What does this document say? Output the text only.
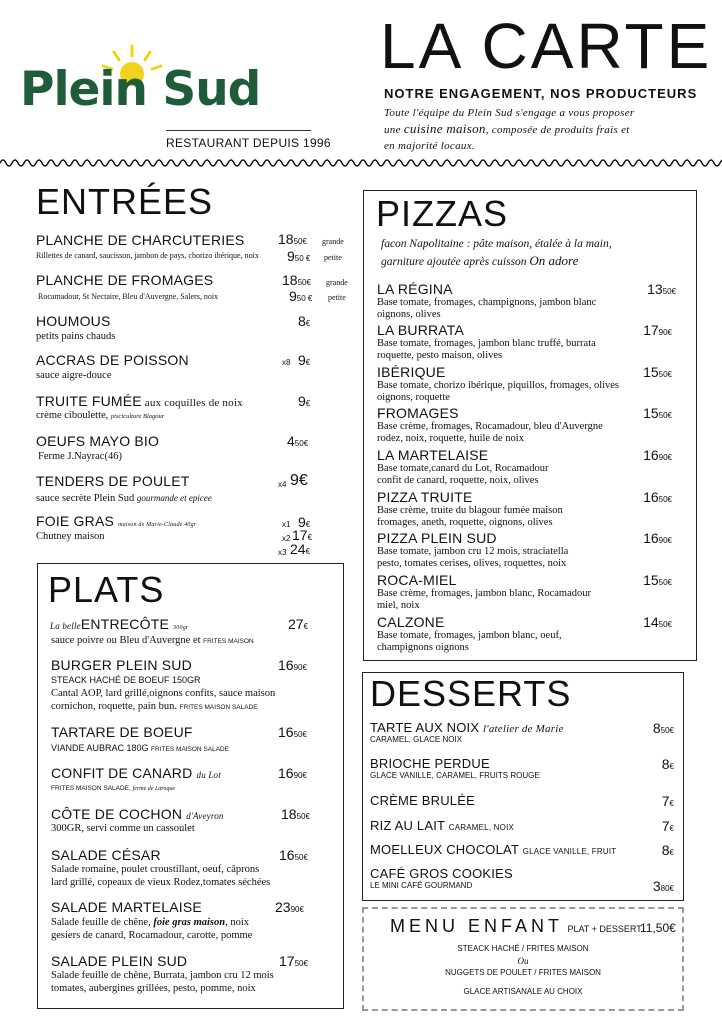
Plein Sud
RESTAURANT DEPUIS 1996
LA CARTE
NOTRE ENGAGEMENT, NOS PRODUCTEURS
Toute l'équipe du Plein Sud s'engage a vous proposer
une cuisine maison, composée de produits frais et
en majorité locaux.
ENTRÉES
PLANCHE DE CHARCUTERIES
Rillettes de canard, saucisson, jambon de pays, chorizo ibérique, noix
1850€ grande
950 € petite
PLANCHE DE FROMAGES
Rocamadour, St Nectaire, Bleu d'Auvergne, Salers, noix
1850€ grande
950 € petite
HOUMOUS
petits pains chauds
8€
ACCRAS DE POISSON
sauce aigre-douce
x8 9€
TRUITE FUMÉE aux coquilles de noix
crème ciboulette, pisciculture Blagour
9€
OEUFS MAYO BIO
Ferme J.Nayrac(46)
450€
TENDERS DE POULET
sauce secrète Plein Sud gourmande et epicee
x4 9€
FOIE GRAS maison de Marie-Claude 40gr
Chutney maison
x1 9€
x2 17€
x3 24€
PLATS
La belleENTRECÔTE 300gr
sauce poivre ou Bleu d'Auvergne et FRITES MAISON
27€
BURGER PLEIN SUD
STEACK HACHÉ DE BOEUF 150GR
Cantal AOP, lard grillé,oignons confits, sauce maison
cornichon, roquette, pain bun. FRITES MAISON SALADE
1690€
TARTARE DE BOEUF
VIANDE AUBRAC 180G FRITES MAISON SALADE
1650€
CONFIT DE CANARD du Lot
FRITES MAISON SALADE, ferme de Laroque
1690€
CÔTE DE COCHON d'Aveyron
300GR, servi comme un cassoulet
1850€
SALADE CÉSAR
Salade romaine, poulet croustillant, oeuf, câprons
lard grillé, copeaux de vieux Rodez,tomates séchées
1650€
SALADE MARTELAISE
Salade feuille de chêne, foie gras maison, noix
gesiers de canard, Rocamadour, carotte, pomme
2390€
SALADE PLEIN SUD
Salade feuille de chêne, Burrata, jambon cru 12 mois
tomates, aubergines grillées, pesto, pomme, noix
1750€
PIZZAS
facon Napolitaine : pâte maison, étalée à la main,
garniture ajoutée après cuisson On adore
LA RÉGINA
Base tomate, fromages, champignons, jambon blanc
oignons, olives
1350€
LA BURRATA
Base tomate, fromages, jambon blanc truffé, burrata
roquette, pesto maison, olives
1790€
IBÉRIQUE
Base tomate, chorizo ibérique, piquillos, fromages, olives
oignons, roquette
1550€
FROMAGES
Base crème, fromages, Rocamadour, bleu d'Auvergne
rodez, noix, roquette, huile de noix
1550€
LA MARTELAISE
Base tomate,canard du Lot, Rocamadour
confit de canard, roquette, noix, olives
1690€
PIZZA TRUITE
Base crème, truite du blagour fumée maison
fromages, aneth, roquette, oignons, olives
1650€
PIZZA PLEIN SUD
Base tomate, jambon cru 12 mois, straciatella
pesto, tomates cerises, olives, roquettes, noix
1690€
ROCA-MIEL
Base crème, fromages, jambon blanc, Rocamadour
miel, noix
1550€
CALZONE
Base tomate, fromages, jambon blanc, oeuf,
champignons oignons
1450€
DESSERTS
TARTE AUX NOIX l'atelier de Marie
CARAMEL, GLACE NOIX
850€
BRIOCHE PERDUE
GLACE VANILLE, CARAMEL, FRUITS ROUGE
8€
CRÈME BRULÉE	7€
RIZ AU LAIT CARAMEL, NOIX	7€
MOELLEUX CHOCOLAT GLACE VANILLE, FRUIT	8€
CAFÉ GROS COOKIES
LE MINI CAFÉ GOURMAND	380€
MENU ENFANT PLAT + DESSERT
11,50€
STEACK HACHÉ / FRITES MAISON
Ou
NUGGETS DE POULET / FRITES MAISON
GLACE ARTISANALE AU CHOIX
